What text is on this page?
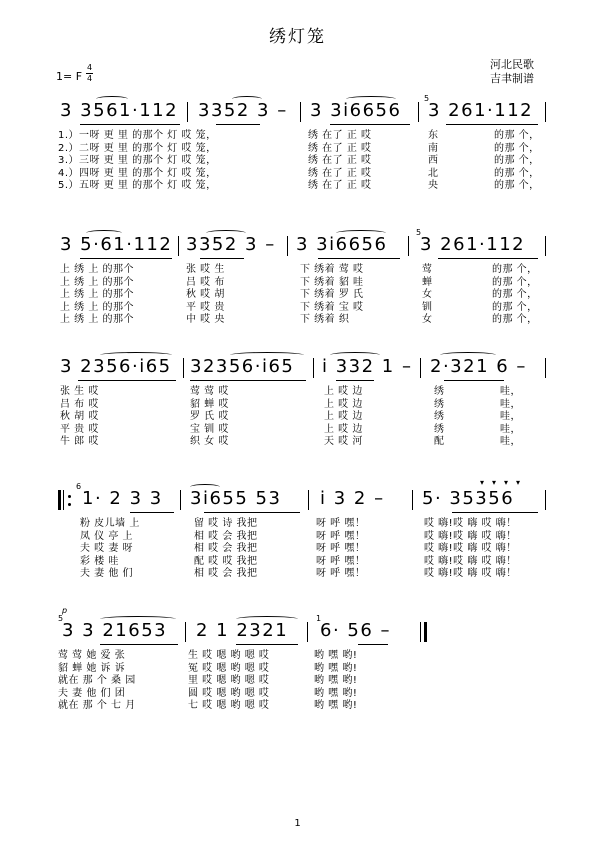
绣灯笼
河北民歌
吉聿制谱
1= F
4
4
3 3561·112 3352 3 – 3 3i6656 3 261·112
5
1.）一呀 更 里 的那个 灯 哎 笼，	绣 在了 正 哎	东	的那 个，
2.）二呀 更 里 的那个 灯 哎 笼，	绣 在了 正 哎	南	的那 个，
3.）三呀 更 里 的那个 灯 哎 笼，	绣 在了 正 哎	西	的那 个，
4.）四呀 更 里 的那个 灯 哎 笼，	绣 在了 正 哎	北	的那 个，
5.）五呀 更 里 的那个 灯 哎 笼，	绣 在了 正 哎	央	的那 个，
3 5·61·112 3352 3 – 3 3i6656 3 261·112
5
上 绣 上 的那个	张 哎 生	下 绣着 莺 哎	莺	的那 个，
上 绣 上 的那个	吕 哎 布	下 绣着 貂 哇	蝉	的那 个，
上 绣 上 的那个	秋 哎 胡	下 绣着 罗 氏	女	的那 个，
上 绣 上 的那个	平 哎 贵	下 绣着 宝 哎	钏	的那 个，
上 绣 上 的那个	中 哎 央	下 绣着 织	女	的那 个，
3 2356·i65 32356·i65 i 332 1 – 2·321 6 –
张 生 哎	莺 莺 哎	上 哎 边	绣	哇，
吕 布 哎	貂 蝉 哎	上 哎 边	绣	哇，
秋 胡 哎	罗 氏 哎	上 哎 边	绣	哇，
平 贵 哎	宝 钏 哎	上 哎 边	绣	哇，
牛 郎 哎	织 女 哎	天 哎 河	配	哇，
6
1· 2 3 3 3i655 53 i 3 2 – 5· 35356
▾▾▾▾
粉 皮儿墙 上	留 哎 诗 我把	呀 呼 嘿！	哎 嗨!哎 嗨 哎 嗨！
凤 仪 亭 上	相 哎 会 我把	呀 呼 嘿！	哎 嗨!哎 嗨 哎 嗨！
夫 哎 妻 呀	相 哎 会 我把	呀 呼 嘿！	哎 嗨!哎 嗨 哎 嗨！
彩 楼 哇	配 哎 哎 我把	呀 呼 嘿！	哎 嗨!哎 嗨 哎 嗨！
夫 妻 他 们	相 哎 会 我把	呀 呼 嘿！	哎 嗨!哎 嗨 哎 嗨！
p
5
3 3 21653 2 1 2321
1
6· 56 –
莺 莺 她 爱 张	生 哎 嗯 哟 嗯 哎	哟 嘿 哟!
貂 蝉 她 诉 诉	冤 哎 嗯 哟 嗯 哎	哟 嘿 哟!
就在 那 个 桑 园	里 哎 嗯 哟 嗯 哎	哟 嘿 哟!
夫 妻 他 们 团	圆 哎 嗯 哟 嗯 哎	哟 嘿 哟!
就在 那 个 七 月	七 哎 嗯 哟 嗯 哎	哟 嘿 哟!
1
